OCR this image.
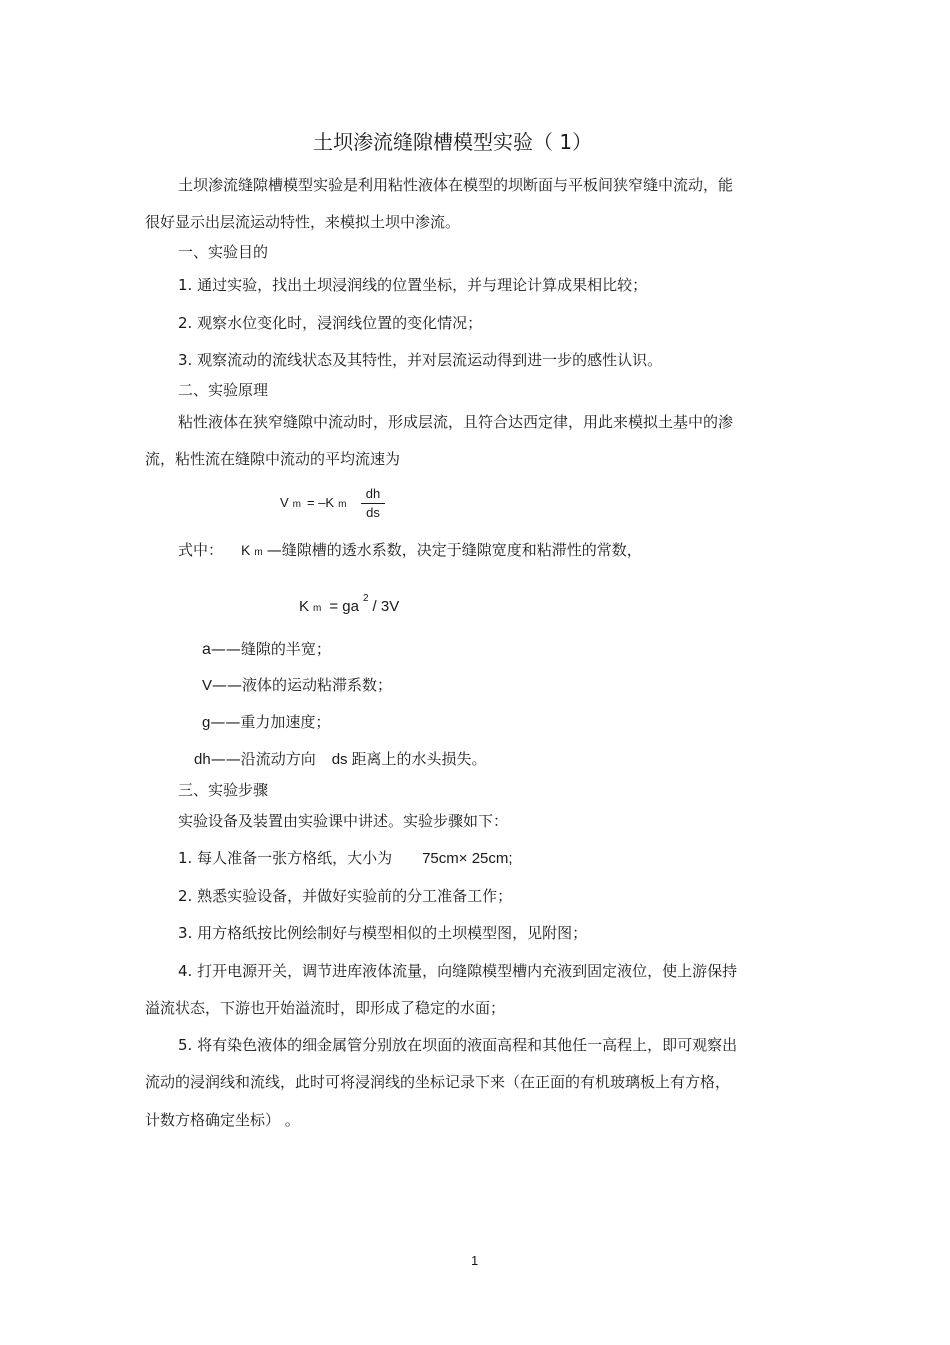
土坝渗流缝隙槽模型实验（ 1）
土坝渗流缝隙槽模型实验是利用粘性液体在模型的坝断面与平板间狭窄缝中流动，能
很好显示出层流运动特性，来模拟土坝中渗流。
一、实验目的
1. 通过实验，找出土坝浸润线的位置坐标，并与理论计算成果相比较；
2. 观察水位变化时，浸润线位置的变化情况；
3. 观察流动的流线状态及其特性，并对层流运动得到进一步的感性认识。
二、实验原理
粘性液体在狭窄缝隙中流动时，形成层流，且符合达西定律，用此来模拟土基中的渗
流，粘性流在缝隙中流动的平均流速为
V m = –K m
dh
ds
式中： K m —缝隙槽的透水系数，决定于缝隙宽度和粘滞性的常数，
Km = ga $^2$ / 3V
a——缝隙的半宽；
V——液体的运动粘滞系数；
g——重力加速度；
dh——沿流动方向 ds 距离上的水头损失。
三、实验步骤
实验设备及装置由实验课中讲述。实验步骤如下：
1. 每人准备一张方格纸，大小为 75cm× 25cm;
2. 熟悉实验设备，并做好实验前的分工准备工作；
3. 用方格纸按比例绘制好与模型相似的土坝模型图，见附图；
4. 打开电源开关，调节进库液体流量，向缝隙模型槽内充液到固定液位，使上游保持
溢流状态，下游也开始溢流时，即形成了稳定的水面；
5. 将有染色液体的细金属管分别放在坝面的液面高程和其他任一高程上，即可观察出
流动的浸润线和流线，此时可将浸润线的坐标记录下来（在正面的有机玻璃板上有方格，
计数方格确定坐标） 。
1
